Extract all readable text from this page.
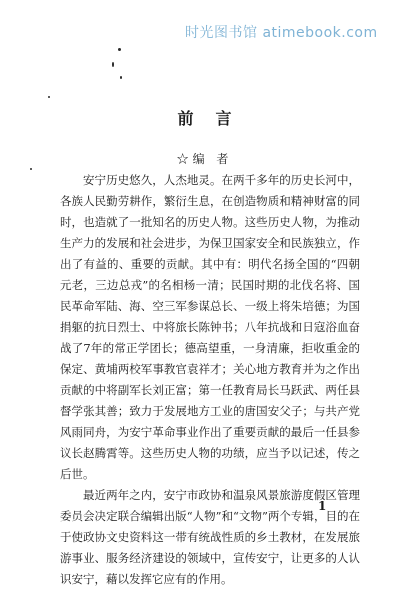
时光图书馆 atimebook.com
前言
☆编 者

安宁历史悠久，人杰地灵。在两千多年的历史长河中，各族人民勤劳耕作，繁衍生息，在创造物质和精神财富的同时，也造就了一批知名的历史人物。这些历史人物，为推动生产力的发展和社会进步，为保卫国家安全和民族独立，作出了有益的、重要的贡献。其中有：明代名扬全国的“四朝元老，三边总戎”的名相杨一清；民国时期的北伐名将、国民革命军陆、海、空三军参谋总长、一级上将朱培德；为国捐躯的抗日烈士、中将旅长陈钟书；八年抗战和日寇浴血奋战了7年的常正学团长；德高望重，一身清廉，拒收重金的保定、黄埔两校军事教官袁祥才；关心地方教育并为之作出贡献的中将副军长刘正富；第一任教育局长马跃武、两任县督学张其善；致力于发展地方工业的唐国安父子；与共产党风雨同舟，为安宁革命事业作出了重要贡献的最后一任县参议长赵腾霄等。这些历史人物的功绩，应当予以记述，传之后世。

最近两年之内，安宁市政协和温泉风景旅游度假区管理委员会决定联合编辑出版“人物”和“文物”两个专辑，目的在于使政协文史资料这一带有统战性质的乡土教材，在发展旅游事业、服务经济建设的领域中，宣传安宁，让更多的人认识安宁，藉以发挥它应有的作用。

1
